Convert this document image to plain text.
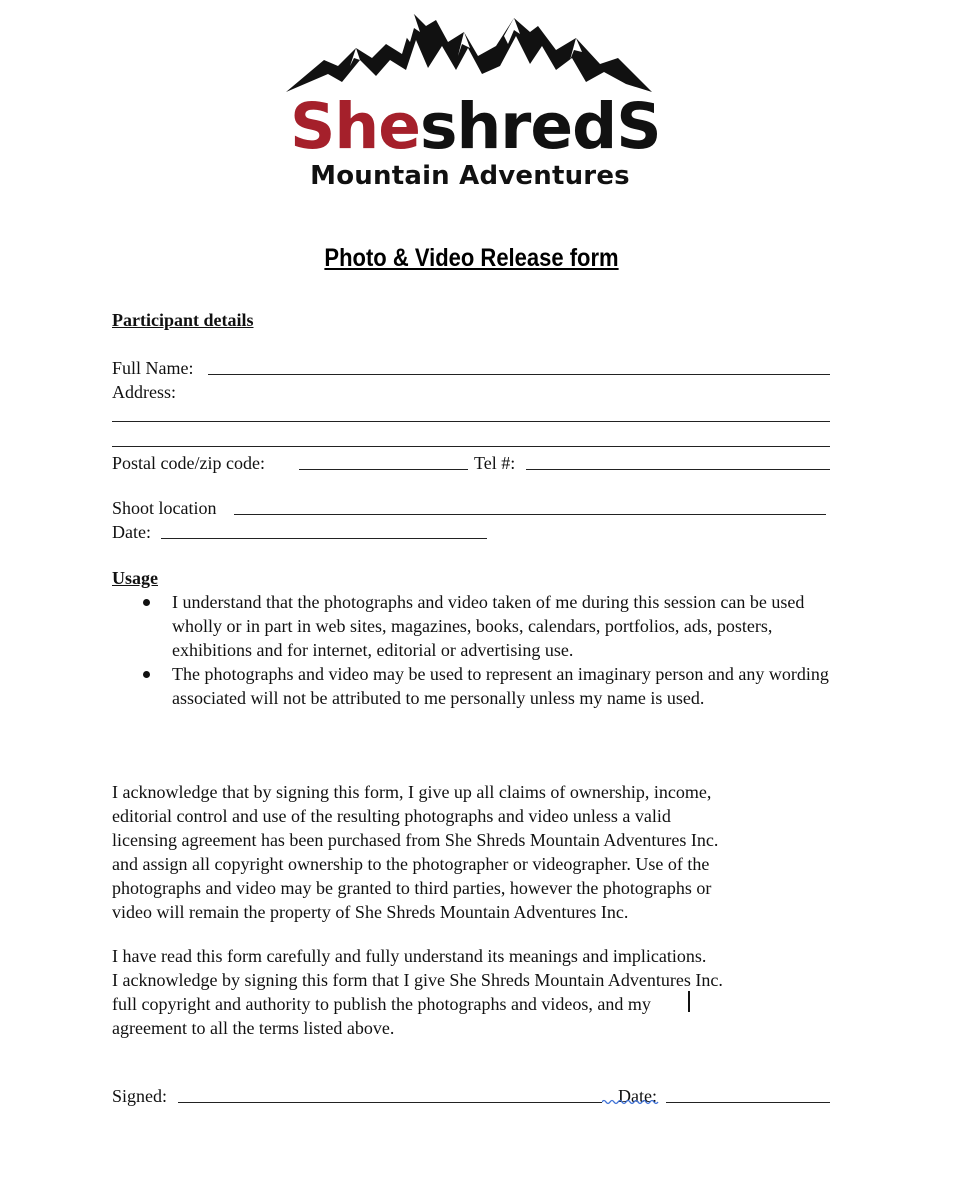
SheshredS
Mountain Adventures
Photo & Video Release form
Participant details
Full Name:
Address:
Postal code/zip code:	Tel #:
Shoot location
Date:
Usage

I understand that the photographs and video taken of me during this session can be used wholly or in part in web sites, magazines, books, calendars, portfolios, ads, posters, exhibitions and for internet, editorial or advertising use.

The photographs and video may be used to represent an imaginary person and any wording associated will not be attributed to me personally unless my name is used.

I acknowledge that by signing this form, I give up all claims of ownership, income,
editorial control and use of the resulting photographs and video unless a valid
licensing agreement has been purchased from She Shreds Mountain Adventures Inc.
and assign all copyright ownership to the photographer or videographer. Use of the
photographs and video may be granted to third parties, however the photographs or
video will remain the property of She Shreds Mountain Adventures Inc.
I have read this form carefully and fully understand its meanings and implications.
I acknowledge by signing this form that I give She Shreds Mountain Adventures Inc.
full copyright and authority to publish the photographs and videos, and my
agreement to all the terms listed above.
Signed:	Date:
